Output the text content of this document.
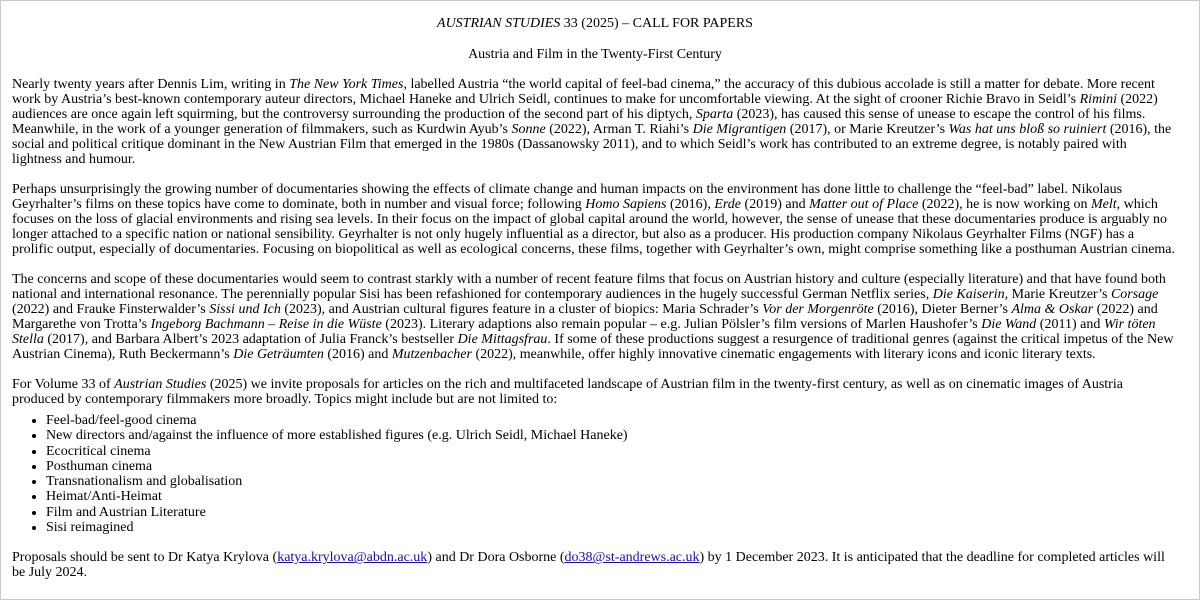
AUSTRIAN STUDIES 33 (2025) – CALL FOR PAPERS
Austria and Film in the Twenty-First Century

Nearly twenty years after Dennis Lim, writing in The New York Times, labelled Austria “the world capital of feel-bad cinema,” the accuracy of this dubious accolade is still a matter for debate. More recent work by Austria’s best-known contemporary auteur directors, Michael Haneke and Ulrich Seidl, continues to make for uncomfortable viewing. At the sight of crooner Richie Bravo in Seidl’s Rimini (2022) audiences are once again left squirming, but the controversy surrounding the production of the second part of his diptych, Sparta (2023), has caused this sense of unease to escape the control of his films. Meanwhile, in the work of a younger generation of filmmakers, such as Kurdwin Ayub’s Sonne (2022), Arman T. Riahi’s Die Migrantigen (2017), or Marie Kreutzer’s Was hat uns bloß so ruiniert (2016), the social and political critique dominant in the New Austrian Film that emerged in the 1980s (Dassanowsky 2011), and to which Seidl’s work has contributed to an extreme degree, is notably paired with lightness and humour.

Perhaps unsurprisingly the growing number of documentaries showing the effects of climate change and human impacts on the environment has done little to challenge the “feel-bad” label. Nikolaus Geyrhalter’s films on these topics have come to dominate, both in number and visual force; following Homo Sapiens (2016), Erde (2019) and Matter out of Place (2022), he is now working on Melt, which focuses on the loss of glacial environments and rising sea levels. In their focus on the impact of global capital around the world, however, the sense of unease that these documentaries produce is arguably no longer attached to a specific nation or national sensibility. Geyrhalter is not only hugely influential as a director, but also as a producer. His production company Nikolaus Geyrhalter Films (NGF) has a prolific output, especially of documentaries. Focusing on biopolitical as well as ecological concerns, these films, together with Geyrhalter’s own, might comprise something like a posthuman Austrian cinema.

The concerns and scope of these documentaries would seem to contrast starkly with a number of recent feature films that focus on Austrian history and culture (especially literature) and that have found both national and international resonance. The perennially popular Sisi has been refashioned for contemporary audiences in the hugely successful German Netflix series, Die Kaiserin, Marie Kreutzer’s Corsage (2022) and Frauke Finsterwalder’s Sissi und Ich (2023), and Austrian cultural figures feature in a cluster of biopics: Maria Schrader’s Vor der Morgenröte (2016), Dieter Berner’s Alma & Oskar (2022) and Margarethe von Trotta’s Ingeborg Bachmann – Reise in die Wüste (2023). Literary adaptions also remain popular – e.g. Julian Pölsler’s film versions of Marlen Haushofer’s Die Wand (2011) and Wir töten Stella (2017), and Barbara Albert’s 2023 adaptation of Julia Franck’s bestseller Die Mittagsfrau. If some of these productions suggest a resurgence of traditional genres (against the critical impetus of the New Austrian Cinema), Ruth Beckermann’s Die Geträumten (2016) and Mutzenbacher (2022), meanwhile, offer highly innovative cinematic engagements with literary icons and iconic literary texts.

For Volume 33 of Austrian Studies (2025) we invite proposals for articles on the rich and multifaceted landscape of Austrian film in the twenty-first century, as well as on cinematic images of Austria produced by contemporary filmmakers more broadly. Topics might include but are not limited to:

• Feel-bad/feel-good cinema
• New directors and/against the influence of more established figures (e.g. Ulrich Seidl, Michael Haneke)
• Ecocritical cinema
• Posthuman cinema
• Transnationalism and globalisation
• Heimat/Anti-Heimat
• Film and Austrian Literature
• Sisi reimagined

Proposals should be sent to Dr Katya Krylova (katya.krylova@abdn.ac.uk) and Dr Dora Osborne (do38@st-andrews.ac.uk) by 1 December 2023. It is anticipated that the deadline for completed articles will be July 2024.
